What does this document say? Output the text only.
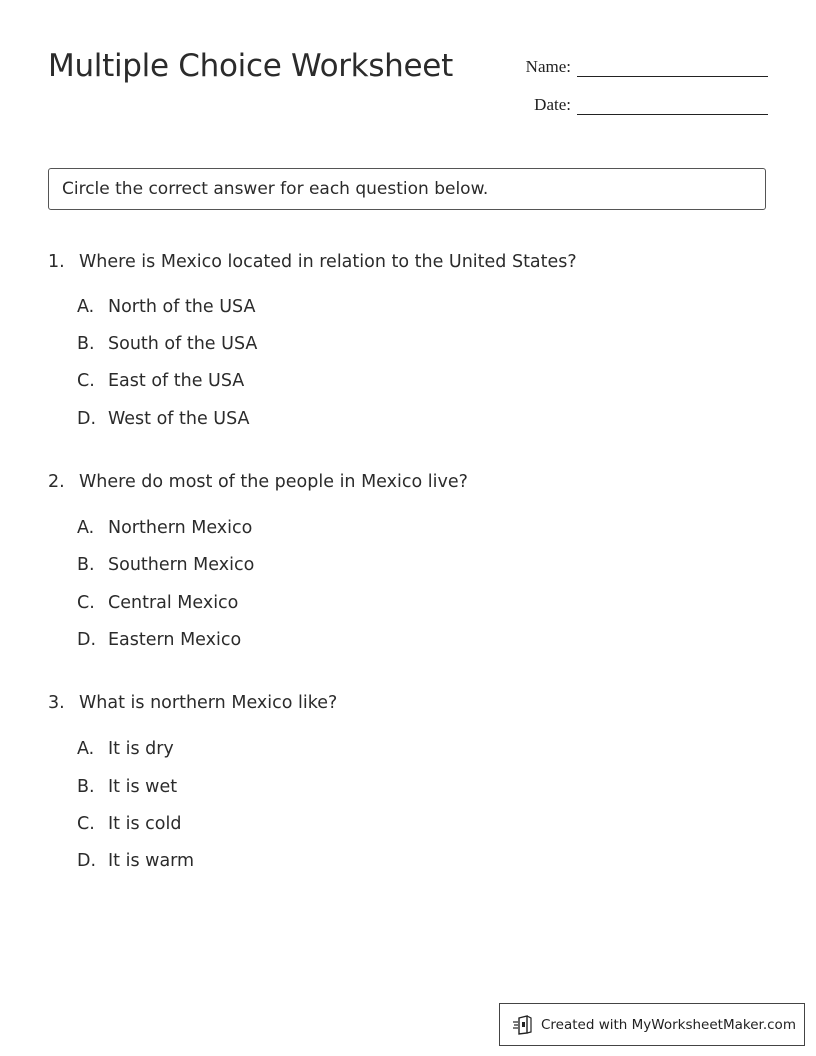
Multiple Choice Worksheet	Name:
Date:
Circle the correct answer for each question below.
1. Where is Mexico located in relation to the United States?
A. North of the USA
B. South of the USA
C. East of the USA
D. West of the USA
2. Where do most of the people in Mexico live?
A. Northern Mexico
B. Southern Mexico
C. Central Mexico
D. Eastern Mexico
3. What is northern Mexico like?
A. It is dry
B. It is wet
C. It is cold
D. It is warm
Created with MyWorksheetMaker.com
